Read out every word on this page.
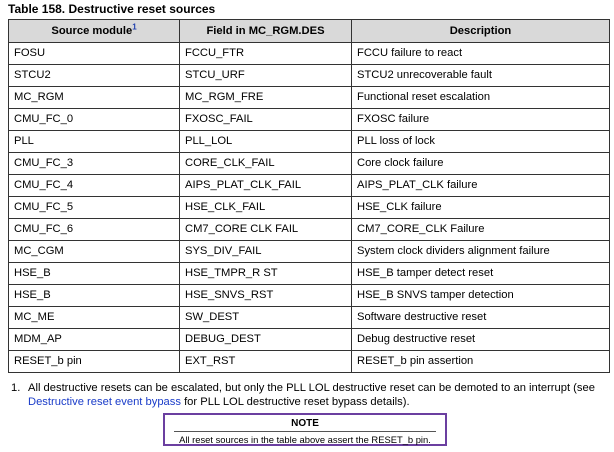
Table 158. Destructive reset sources
Source module$^1$	Field in MC_RGM.DES	Description
FOSU	FCCU_FTR	FCCU failure to react
STCU2	STCU_URF	STCU2 unrecoverable fault
MC_RGM	MC_RGM_FRE	Functional reset escalation
CMU_FC_0	FXOSC_FAIL	FXOSC failure
PLL	PLL_LOL	PLL loss of lock
CMU_FC_3	CORE_CLK_FAIL	Core clock failure
CMU_FC_4	AIPS_PLAT_CLK_FAIL	AIPS_PLAT_CLK failure
CMU_FC_5	HSE_CLK_FAIL	HSE_CLK failure
CMU_FC_6	CM7_CORE CLK FAIL	CM7_CORE_CLK Failure
MC_CGM	SYS_DIV_FAIL	System clock dividers alignment failure
HSE_B	HSE_TMPR_R ST	HSE_B tamper detect reset
HSE_B	HSE_SNVS_RST	HSE_B SNVS tamper detection
MC_ME	SW_DEST	Software destructive reset
MDM_AP	DEBUG_DEST	Debug destructive reset
RESET_b pin	EXT_RST	RESET_b pin assertion
1. All destructive resets can be escalated, but only the PLL LOL destructive reset can be demoted to an interrupt (see Destructive reset event bypass for PLL LOL destructive reset bypass details).
NOTE
All reset sources in the table above assert the RESET_b pin.
